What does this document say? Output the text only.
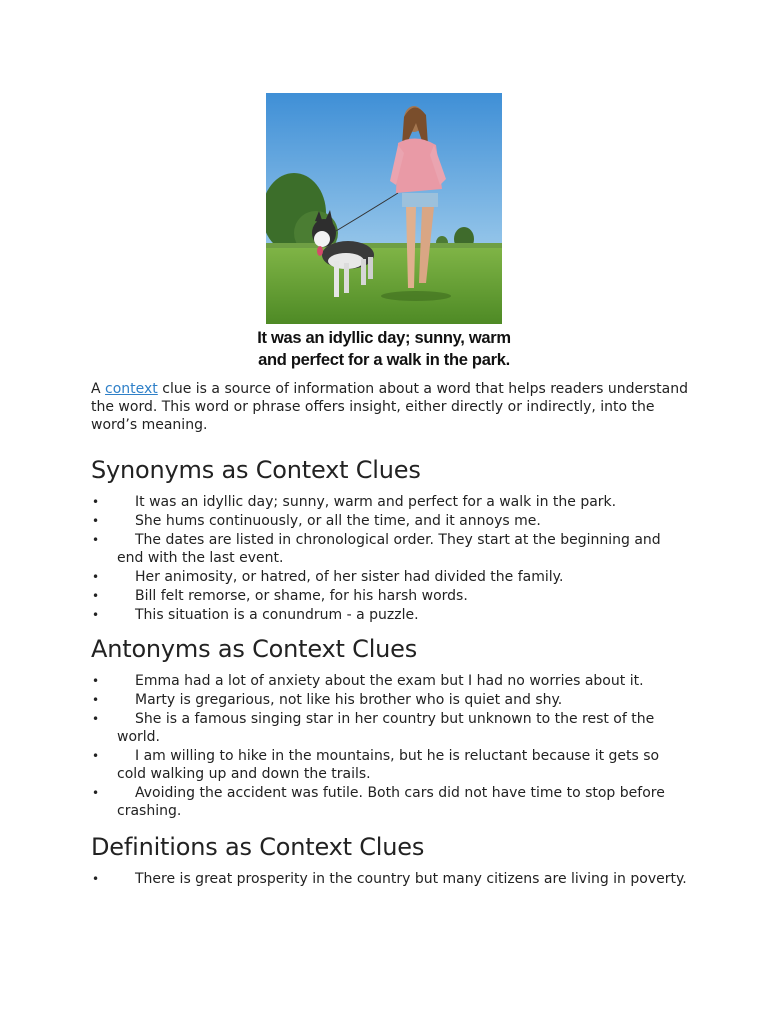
It was an idyllic day; sunny, warm
and perfect for a walk in the park.

A context clue is a source of information about a word that helps readers understand the word. This word or phrase offers insight, either directly or indirectly, into the word’s meaning.

Synonyms as Context Clues
•	It was an idyllic day; sunny, warm and perfect for a walk in the park.
•	She hums continuously, or all the time, and it annoys me.
•	The dates are listed in chronological order. They start at the beginning and end with the last event.
•	Her animosity, or hatred, of her sister had divided the family.
•	Bill felt remorse, or shame, for his harsh words.
•	This situation is a conundrum - a puzzle.
Antonyms as Context Clues
•	Emma had a lot of anxiety about the exam but I had no worries about it.
•	Marty is gregarious, not like his brother who is quiet and shy.
•	She is a famous singing star in her country but unknown to the rest of the world.
•	I am willing to hike in the mountains, but he is reluctant because it gets so cold walking up and down the trails.
•	Avoiding the accident was futile. Both cars did not have time to stop before crashing.
Definitions as Context Clues
•	There is great prosperity in the country but many citizens are living in poverty.
